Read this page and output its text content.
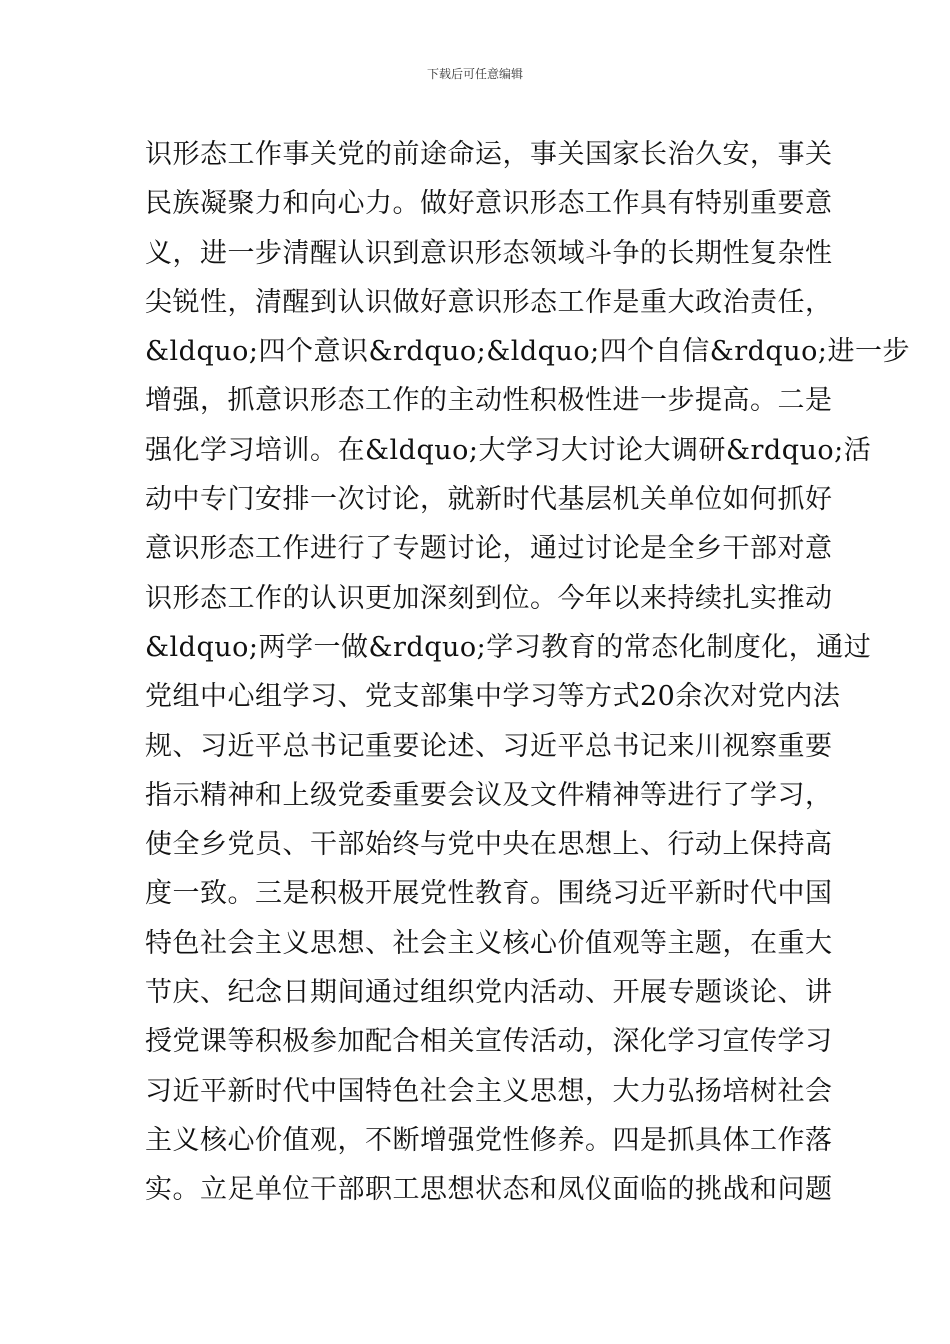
下载后可任意编辑
识形态工作事关党的前途命运，事关国家长治久安，事关
民族凝聚力和向心力。做好意识形态工作具有特别重要意
义，进一步清醒认识到意识形态领域斗争的长期性复杂性
尖锐性，清醒到认识做好意识形态工作是重大政治责任，
&ldquo;四个意识&rdquo;&ldquo;四个自信&rdquo;进一步
增强，抓意识形态工作的主动性积极性进一步提高。二是
强化学习培训。在&ldquo;大学习大讨论大调研&rdquo;活
动中专门安排一次讨论，就新时代基层机关单位如何抓好
意识形态工作进行了专题讨论，通过讨论是全乡干部对意
识形态工作的认识更加深刻到位。今年以来持续扎实推动
&ldquo;两学一做&rdquo;学习教育的常态化制度化，通过
党组中心组学习、党支部集中学习等方式20余次对党内法
规、习近平总书记重要论述、习近平总书记来川视察重要
指示精神和上级党委重要会议及文件精神等进行了学习，
使全乡党员、干部始终与党中央在思想上、行动上保持高
度一致。三是积极开展党性教育。围绕习近平新时代中国
特色社会主义思想、社会主义核心价值观等主题，在重大
节庆、纪念日期间通过组织党内活动、开展专题谈论、讲
授党课等积极参加配合相关宣传活动，深化学习宣传学习
习近平新时代中国特色社会主义思想，大力弘扬培树社会
主义核心价值观，不断增强党性修养。四是抓具体工作落
实。立足单位干部职工思想状态和凤仪面临的挑战和问题
